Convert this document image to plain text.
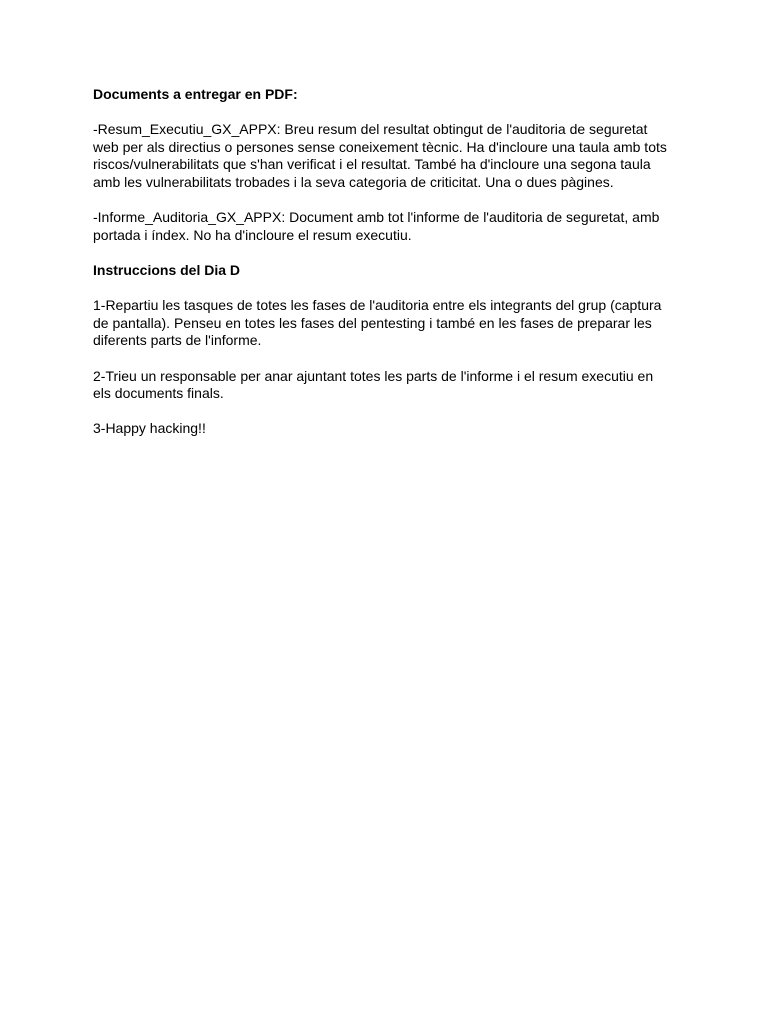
Documents a entregar en PDF:
-Resum_Executiu_GX_APPX: Breu resum del resultat obtingut de l'auditoria de seguretat
web per als directius o persones sense coneixement tècnic. Ha d'incloure una taula amb tots
riscos/vulnerabilitats que s'han verificat i el resultat. També ha d'incloure una segona taula
amb les vulnerabilitats trobades i la seva categoria de criticitat. Una o dues pàgines.
-Informe_Auditoria_GX_APPX: Document amb tot l'informe de l'auditoria de seguretat, amb
portada i índex. No ha d'incloure el resum executiu.
Instruccions del Dia D
1-Repartiu les tasques de totes les fases de l'auditoria entre els integrants del grup (captura
de pantalla). Penseu en totes les fases del pentesting i també en les fases de preparar les
diferents parts de l'informe.
2-Trieu un responsable per anar ajuntant totes les parts de l'informe i el resum executiu en
els documents finals.
3-Happy hacking!!
